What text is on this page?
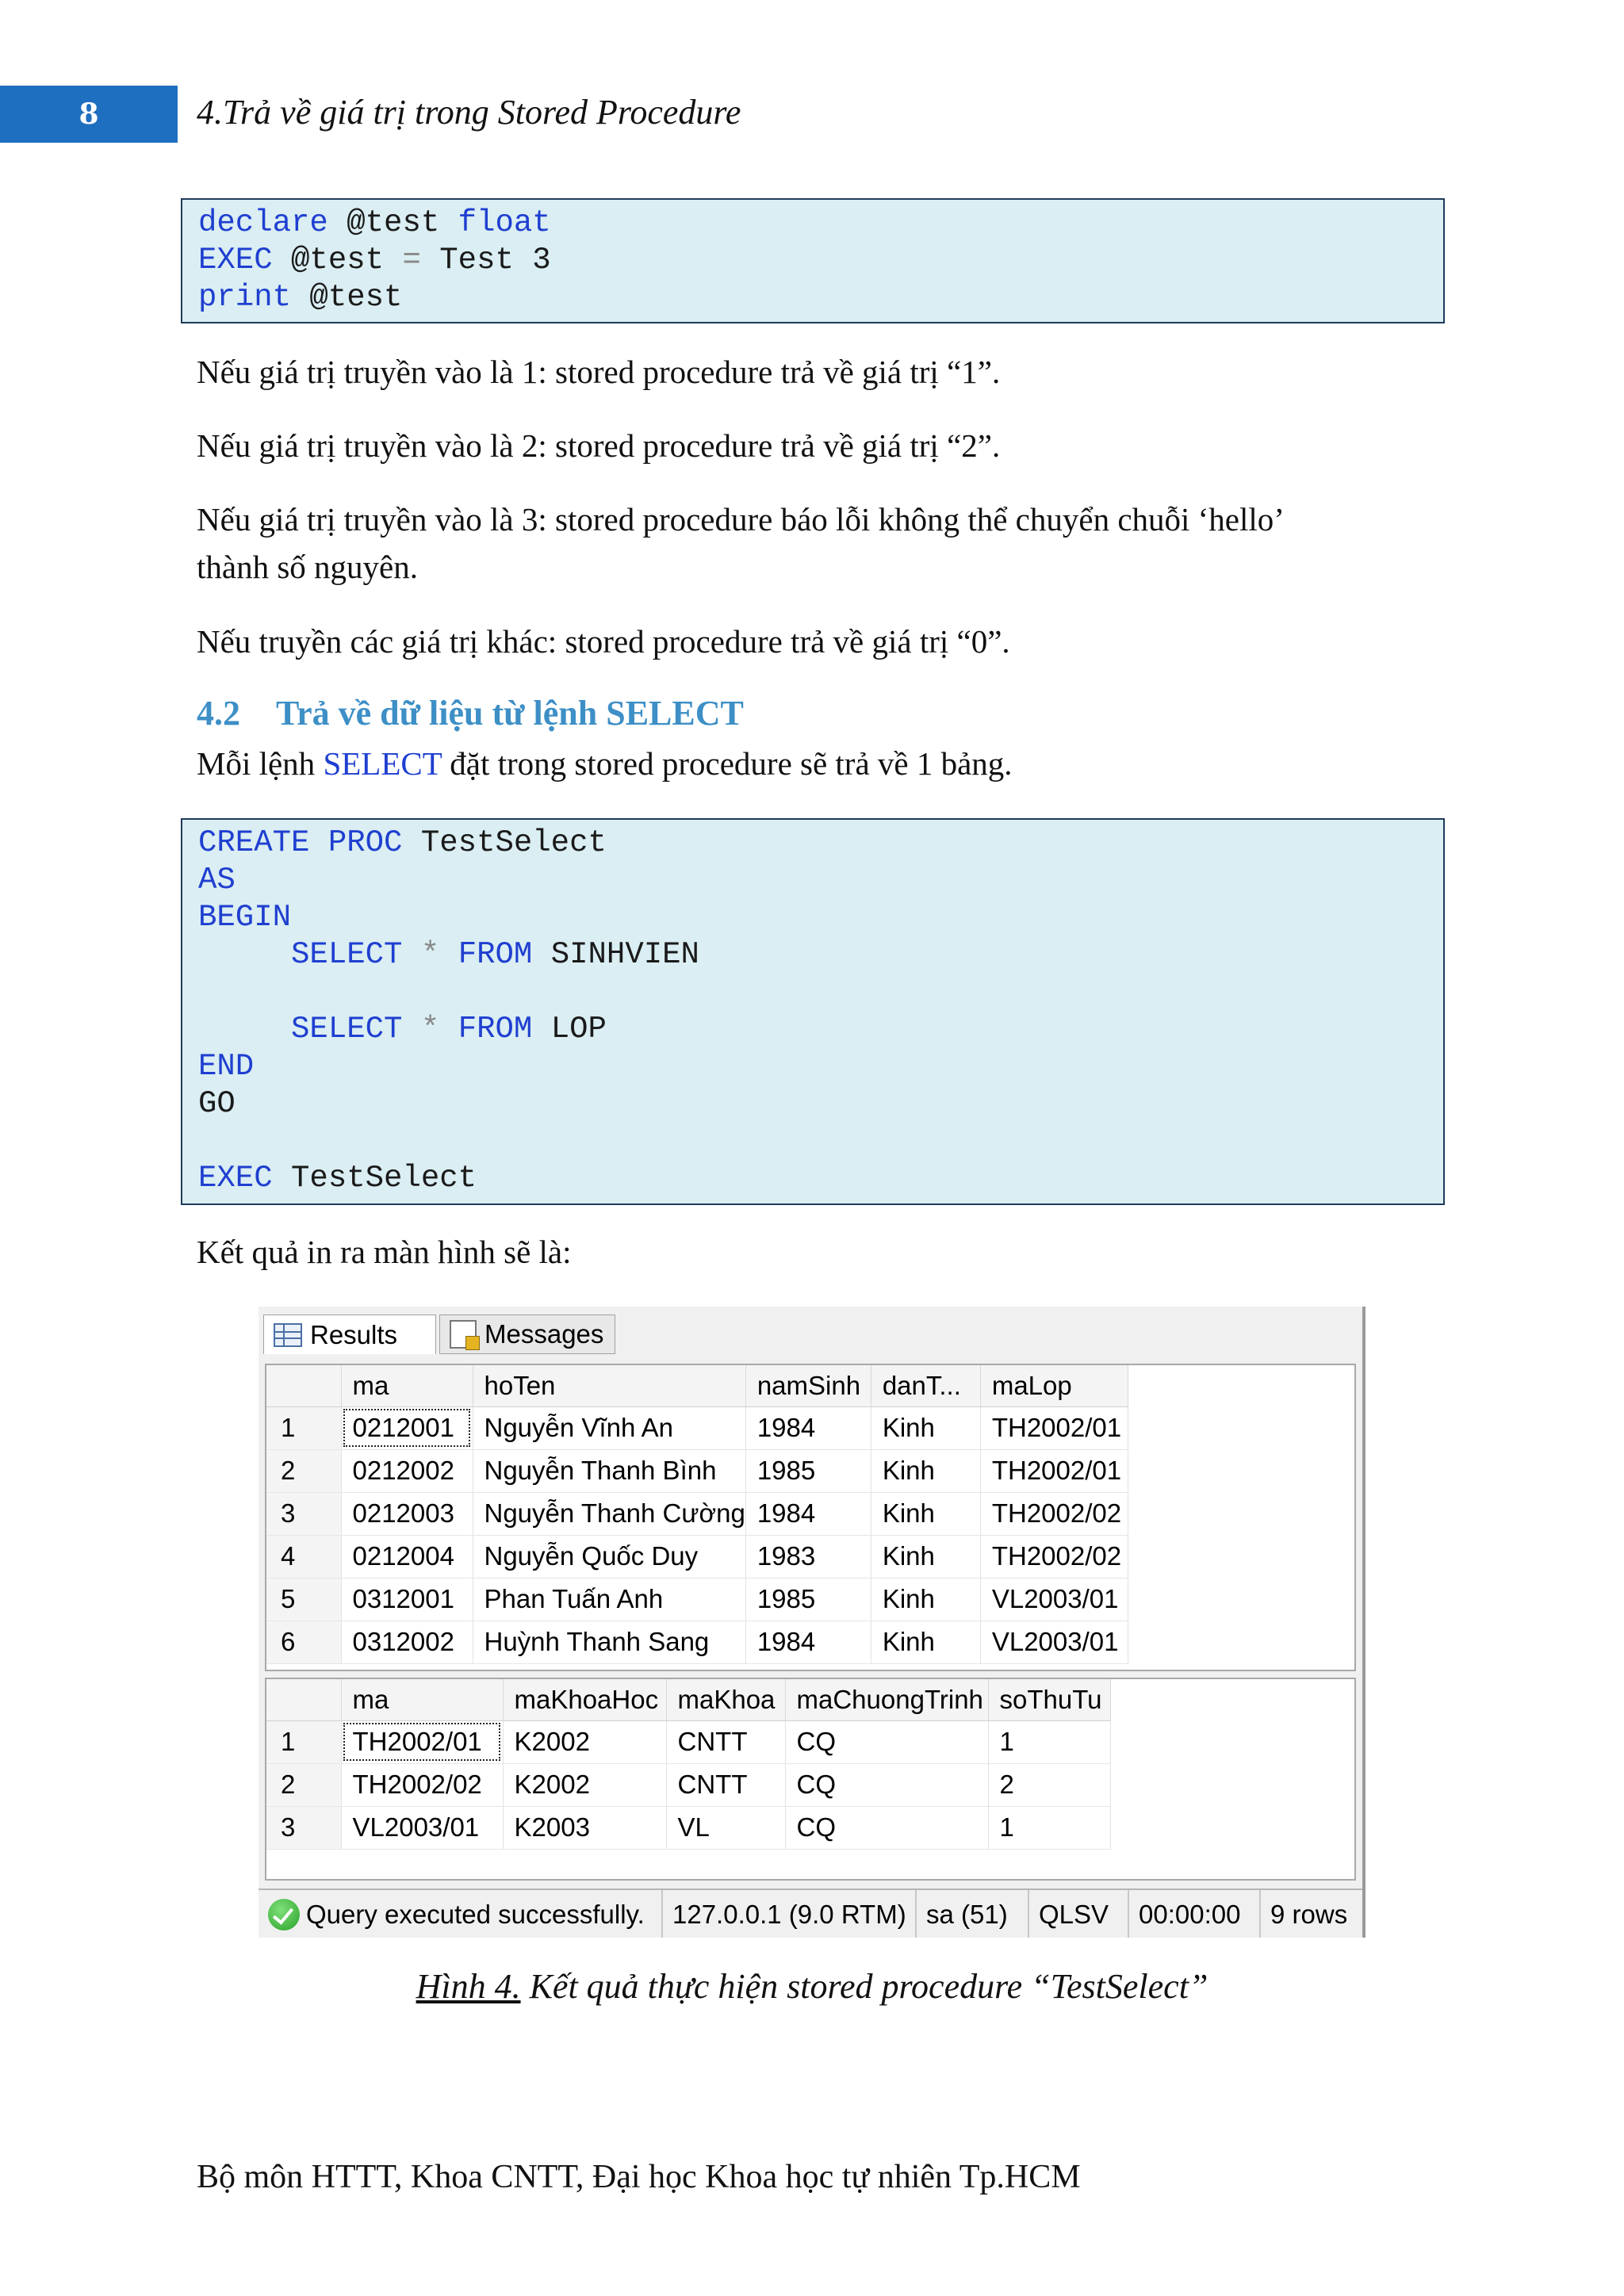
8	4.Trả về giá trị trong Stored Procedure
declare @test float
EXEC @test = Test 3
print @test
Nếu giá trị truyền vào là 1: stored procedure trả về giá trị “1”.
Nếu giá trị truyền vào là 2: stored procedure trả về giá trị “2”.
Nếu giá trị truyền vào là 3: stored procedure báo lỗi không thể chuyển chuỗi ‘hello’
thành số nguyên.
Nếu truyền các giá trị khác: stored procedure trả về giá trị “0”.
4.2 Trả về dữ liệu từ lệnh SELECT
Mỗi lệnh SELECT đặt trong stored procedure sẽ trả về 1 bảng.
CREATE PROC TestSelect
AS
BEGIN
SELECT * FROM SINHVIEN

SELECT * FROM LOP
END
GO

EXEC TestSelect
Kết quả in ra màn hình sẽ là:
Results	Messages
	ma	hoTen	namSinh	danT...	maLop
1	0212001	Nguyễn Vĩnh An	1984	Kinh	TH2002/01
2	0212002	Nguyễn Thanh Bình	1985	Kinh	TH2002/01
3	0212003	Nguyễn Thanh Cường	1984	Kinh	TH2002/02
4	0212004	Nguyễn Quốc Duy	1983	Kinh	TH2002/02
5	0312001	Phan Tuấn Anh	1985	Kinh	VL2003/01
6	0312002	Huỳnh Thanh Sang	1984	Kinh	VL2003/01
	ma	maKhoaHoc	maKhoa	maChuongTrinh	soThuTu
1	TH2002/01	K2002	CNTT	CQ	1
2	TH2002/02	K2002	CNTT	CQ	2
3	VL2003/01	K2003	VL	CQ	1
Query executed successfully.	127.0.0.1 (9.0 RTM) sa (51)	QLSV	00:00:00	9 rows
Hình 4. Kết quả thực hiện stored procedure “TestSelect”
Bộ môn HTTT, Khoa CNTT, Đại học Khoa học tự nhiên Tp.HCM
